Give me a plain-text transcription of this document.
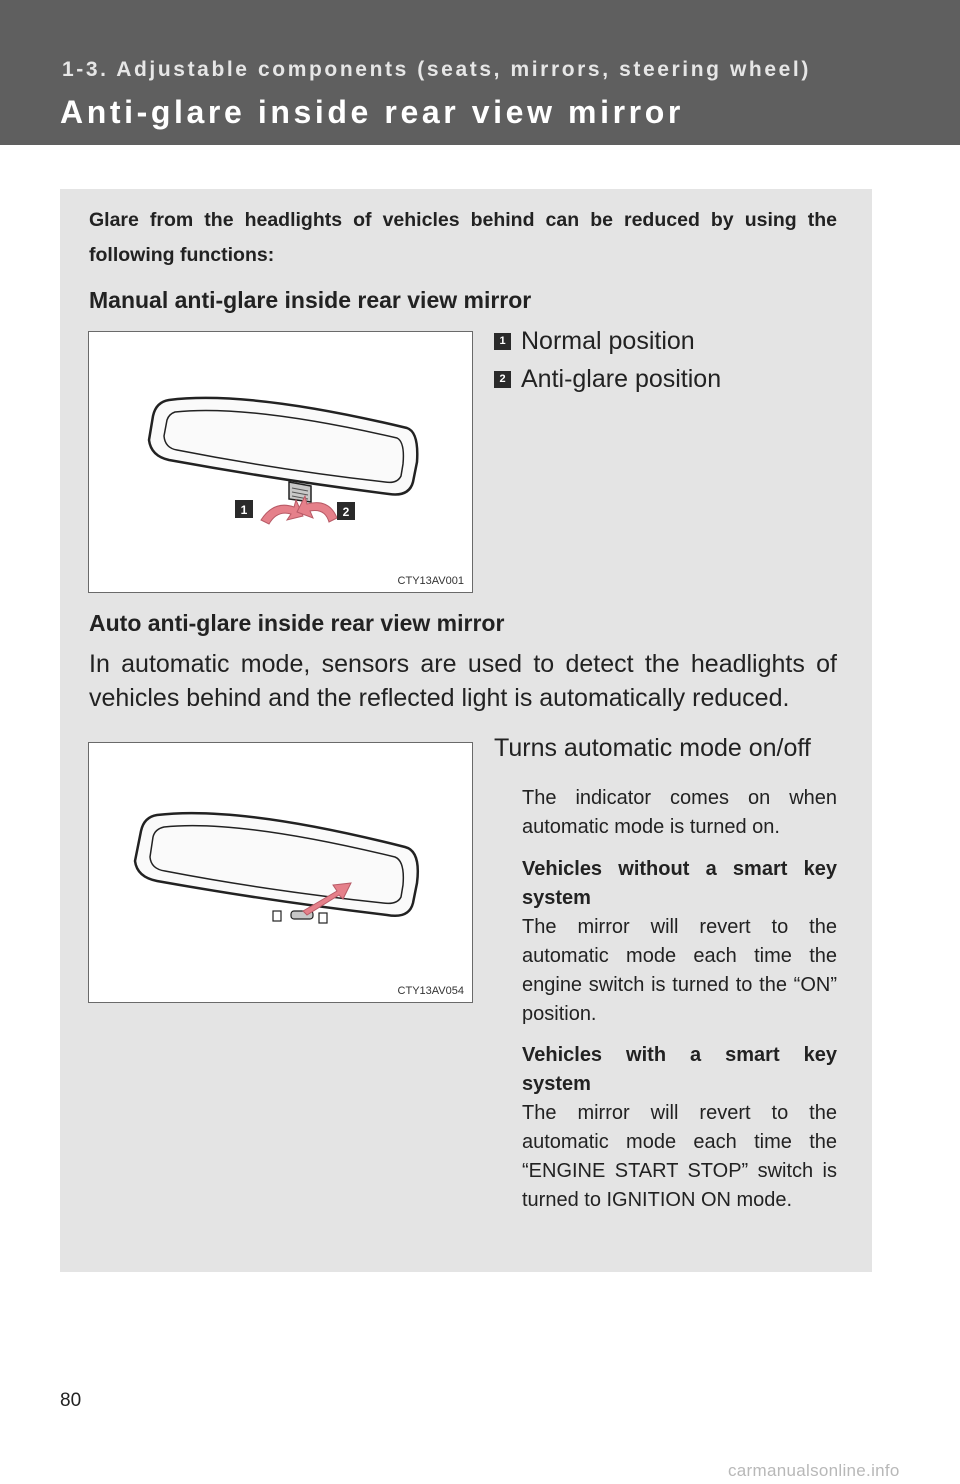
1-3. Adjustable components (seats, mirrors, steering wheel)
Anti-glare inside rear view mirror
Glare from the headlights of vehicles behind can be reduced by using the following functions:
Manual anti-glare inside rear view mirror
1	2
CTY13AV001
1 Normal position
2 Anti-glare position
Auto anti-glare inside rear view mirror
In automatic mode, sensors are used to detect the headlights of vehicles behind and the reflected light is automatically reduced.
CTY13AV054
Turns automatic mode on/off
The indicator comes on when automatic mode is turned on.
Vehicles without a smart key system
The mirror will revert to the automatic mode each time the engine switch is turned to the “ON” position.
Vehicles with a smart key system
The mirror will revert to the automatic mode each time the “ENGINE START STOP” switch is turned to IGNITION ON mode.
80
carmanualsonline.info
